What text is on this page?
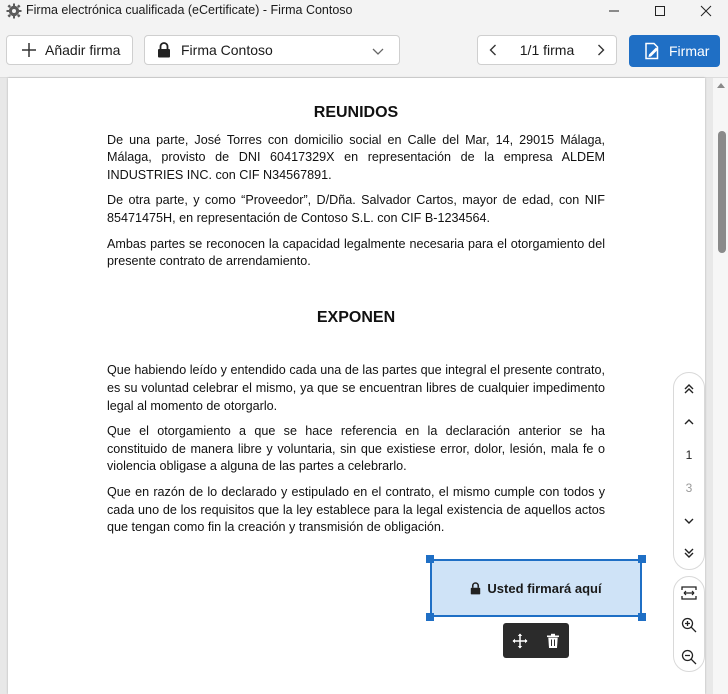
Firma electrónica cualificada (eCertificate) - Firma Contoso
Añadir firma	Firma Contoso	1/1 firma	Firmar
REUNIDOS

De una parte, José Torres con domicilio social en Calle del Mar, 14, 29015 Málaga, Málaga, provisto de DNI 60417329X en representación de la empresa ALDEM INDUSTRIES INC. con CIF N34567891.

De otra parte, y como “Proveedor”, D/Dña. Salvador Cartos, mayor de edad, con NIF 85471475H, en representación de Contoso S.L. con CIF B-1234564.

Ambas partes se reconocen la capacidad legalmente necesaria para el otorgamiento del presente contrato de arrendamiento.

EXPONEN

Que habiendo leído y entendido cada una de las partes que integral el presente contrato, es su voluntad celebrar el mismo, ya que se encuentran libres de cualquier impedimento legal al momento de otorgarlo.

Que el otorgamiento a que se hace referencia en la declaración anterior se ha constituido de manera libre y voluntaria, sin que existiese error, dolor, lesión, mala fe o violencia obligase a alguna de las partes a celebrarlo.

Que en razón de lo declarado y estipulado en el contrato, el mismo cumple con todos y cada uno de los requisitos que la ley establece para la legal existencia de aquellos actos que tengan como fin la creación y transmisión de obligación.

Usted firmará aquí
1
3
